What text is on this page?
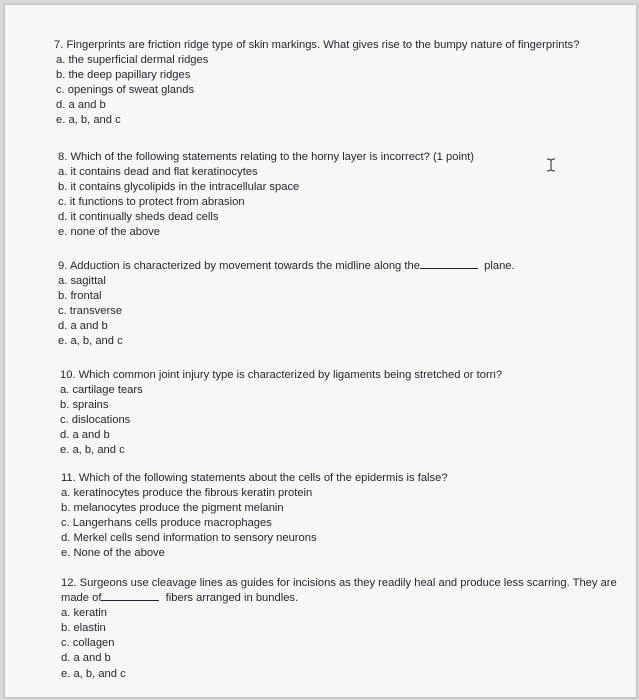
7. Fingerprints are friction ridge type of skin markings. What gives rise to the bumpy nature of fingerprints?

a. the superficial dermal ridges
b. the deep papillary ridges
c. openings of sweat glands
d. a and b
e. a, b, and c

8. Which of the following statements relating to the horny layer is incorrect? (1 point)

a. it contains dead and flat keratinocytes
b. it contains glycolipids in the intracellular space
c. it functions to protect from abrasion
d. it continually sheds dead cells
e. none of the above

9. Adduction is characterized by movement towards the midline along the	plane.

a. sagittal
b. frontal
c. transverse
d. a and b
e. a, b, and c

10. Which common joint injury type is characterized by ligaments being stretched or torn?

a. cartilage tears
b. sprains
c. dislocations
d. a and b
e. a, b, and c

11. Which of the following statements about the cells of the epidermis is false?

a. keratinocytes produce the fibrous keratin protein
b. melanocytes produce the pigment melanin
c. Langerhans cells produce macrophages
d. Merkel cells send information to sensory neurons
e. None of the above

12. Surgeons use cleavage lines as guides for incisions as they readily heal and produce less scarring. They are

made of	fibers arranged in bundles.

a. keratin
b. elastin
c. collagen
d. a and b
e. a, b, and c
